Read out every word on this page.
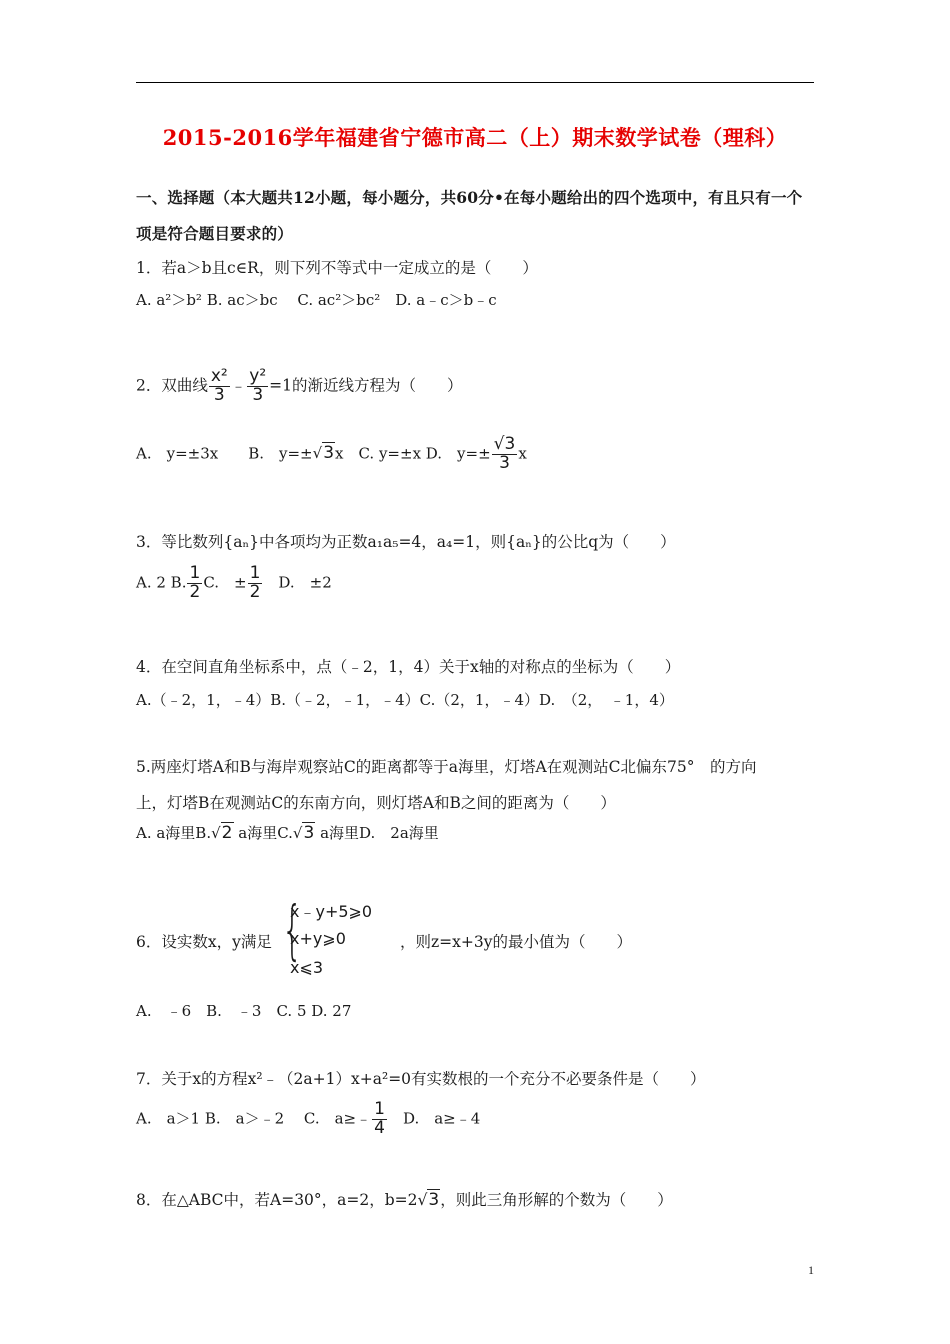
2015-2016学年福建省宁德市高二（上）期末数学试卷（理科）
一、选择题（本大题共12小题，每小题分，共60分•在每小题给出的四个选项中，有且只有一个
项是符合题目要求的）
1．若a＞b且c∈R，则下列不等式中一定成立的是（　　）
A. a²＞b² B. ac＞bc　 C. ac²＞bc²　D. a﹣c＞b﹣c
2．双曲线 $\frac{\text{x²}}{3}$ ﹣ $\frac{\text{y²}}{3} =1$的渐近线方程为（　　）
A.　y=±3x　　B.　y=±√3x　C. y=±x D.　$y=\pm \frac{√3}{3}$ x
3．等比数列{aₙ}中各项均为正数a₁a₅=4，a₄=1，则{aₙ}的公比q为（　　）
A. 2 B. $\frac{1}{2} C$.　± $\frac{1}{2}$ 　D.　±2
4．在空间直角坐标系中，点（﹣2，1，4）关于x轴的对称点的坐标为（　　）
A.（﹣2，1，﹣4）B.（﹣2，﹣1，﹣4）C.（2，1，﹣4）D.　（2，　﹣1，4）
5.两座灯塔A和B与海岸观察站C的距离都等于a海里，灯塔A在观测站C北偏东75°　的方向
上，灯塔B在观测站C的东南方向，则灯塔A和B之间的距离为（　　）
A. a海里B.√2 a海里C.√3 a海里D.　2a海里
6．设实数x，y满足 {
x﹣y+5⩾0
x+y⩾0
x⩽3
，则z=x+3y的最小值为（　　）
A.　﹣6　B.　﹣3　C. 5 D. 27
7．关于x的方程x²﹣（2a+1）x+a²=0有实数根的一个充分不必要条件是（　　）
A.　a＞1 B.　a＞﹣2　 C.　a≥﹣ $\frac{1}{4}$ 　D.　a≥﹣4
8．在△ABC中，若A=30°，a=2，b=2√3，则此三角形解的个数为（　　）
1
